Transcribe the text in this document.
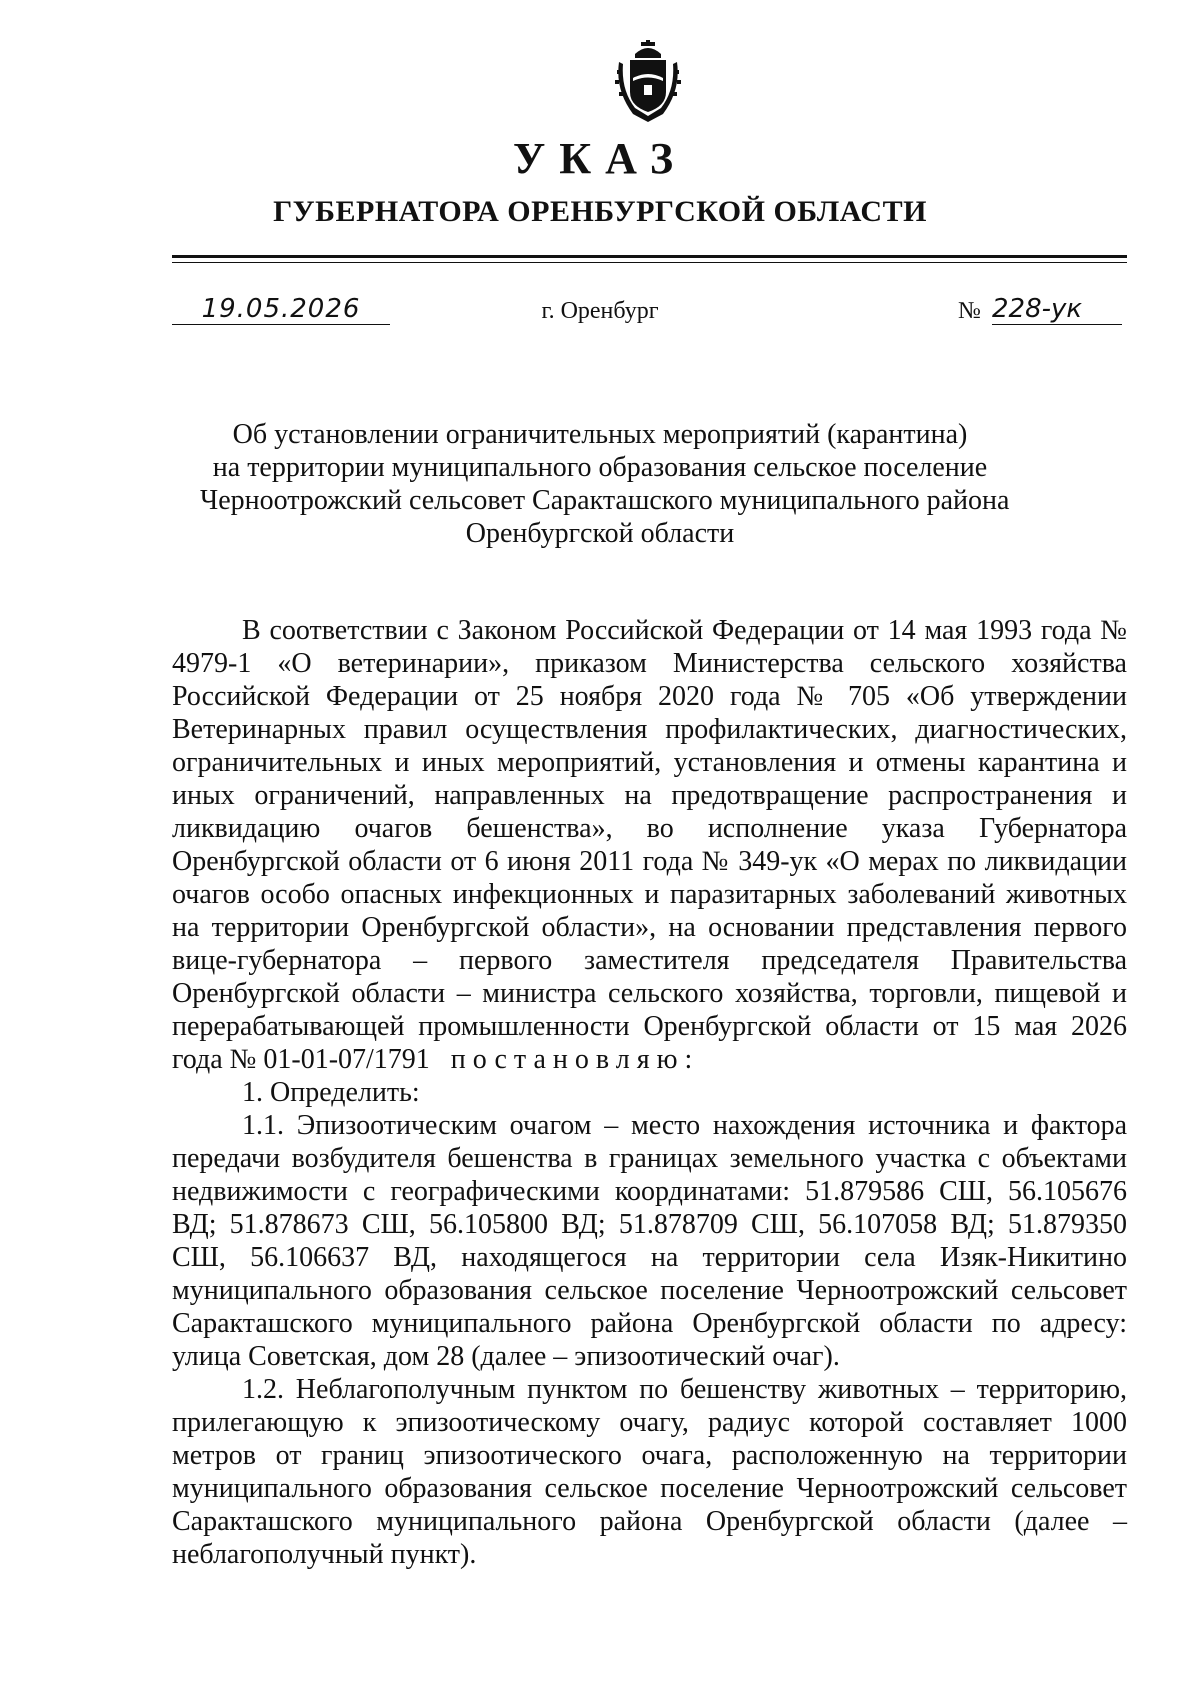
УКАЗ
ГУБЕРНАТОРА ОРЕНБУРГСКОЙ ОБЛАСТИ
19.05.2026	г. Оренбург	№ 228-ук
Об установлении ограничительных мероприятий (карантина)
на территории муниципального образования сельское поселение
Черноотрожский сельсовет Саракташского муниципального района
Оренбургской области

В соответствии с Законом Российской Федерации от 14 мая 1993 года № 4979-1 «О ветеринарии», приказом Министерства сельского хозяйства Российской Федерации от 25 ноября 2020 года № 705 «Об утверждении Ветеринарных правил осуществления профилактических, диагностических, ограничительных и иных мероприятий, установления и отмены карантина и иных ограничений, направленных на предотвращение распространения и ликвидацию очагов бешенства», во исполнение указа Губернатора Оренбургской области от 6 июня 2011 года № 349-ук «О мерах по ликвидации очагов особо опасных инфекционных и паразитарных заболеваний животных на территории Оренбургской области», на основании представления первого вице-губернатора – первого заместителя председателя Правительства Оренбургской области – министра сельского хозяйства, торговли, пищевой и перерабатывающей промышленности Оренбургской области от 15 мая 2026 года № 01-01-07/1791 постановляю:

1. Определить:

1.1. Эпизоотическим очагом – место нахождения источника и фактора передачи возбудителя бешенства в границах земельного участка с объектами недвижимости с географическими координатами: 51.879586 СШ, 56.105676 ВД; 51.878673 СШ, 56.105800 ВД; 51.878709 СШ, 56.107058 ВД; 51.879350 СШ, 56.106637 ВД, находящегося на территории села Изяк-Никитино муниципального образования сельское поселение Черноотрожский сельсовет Саракташского муниципального района Оренбургской области по адресу: улица Советская, дом 28 (далее – эпизоотический очаг).

1.2. Неблагополучным пунктом по бешенству животных – территорию, прилегающую к эпизоотическому очагу, радиус которой составляет 1000 метров от границ эпизоотического очага, расположенную на территории муниципального образования сельское поселение Черноотрожский сельсовет Саракташского муниципального района Оренбургской области (далее – неблагополучный пункт).
